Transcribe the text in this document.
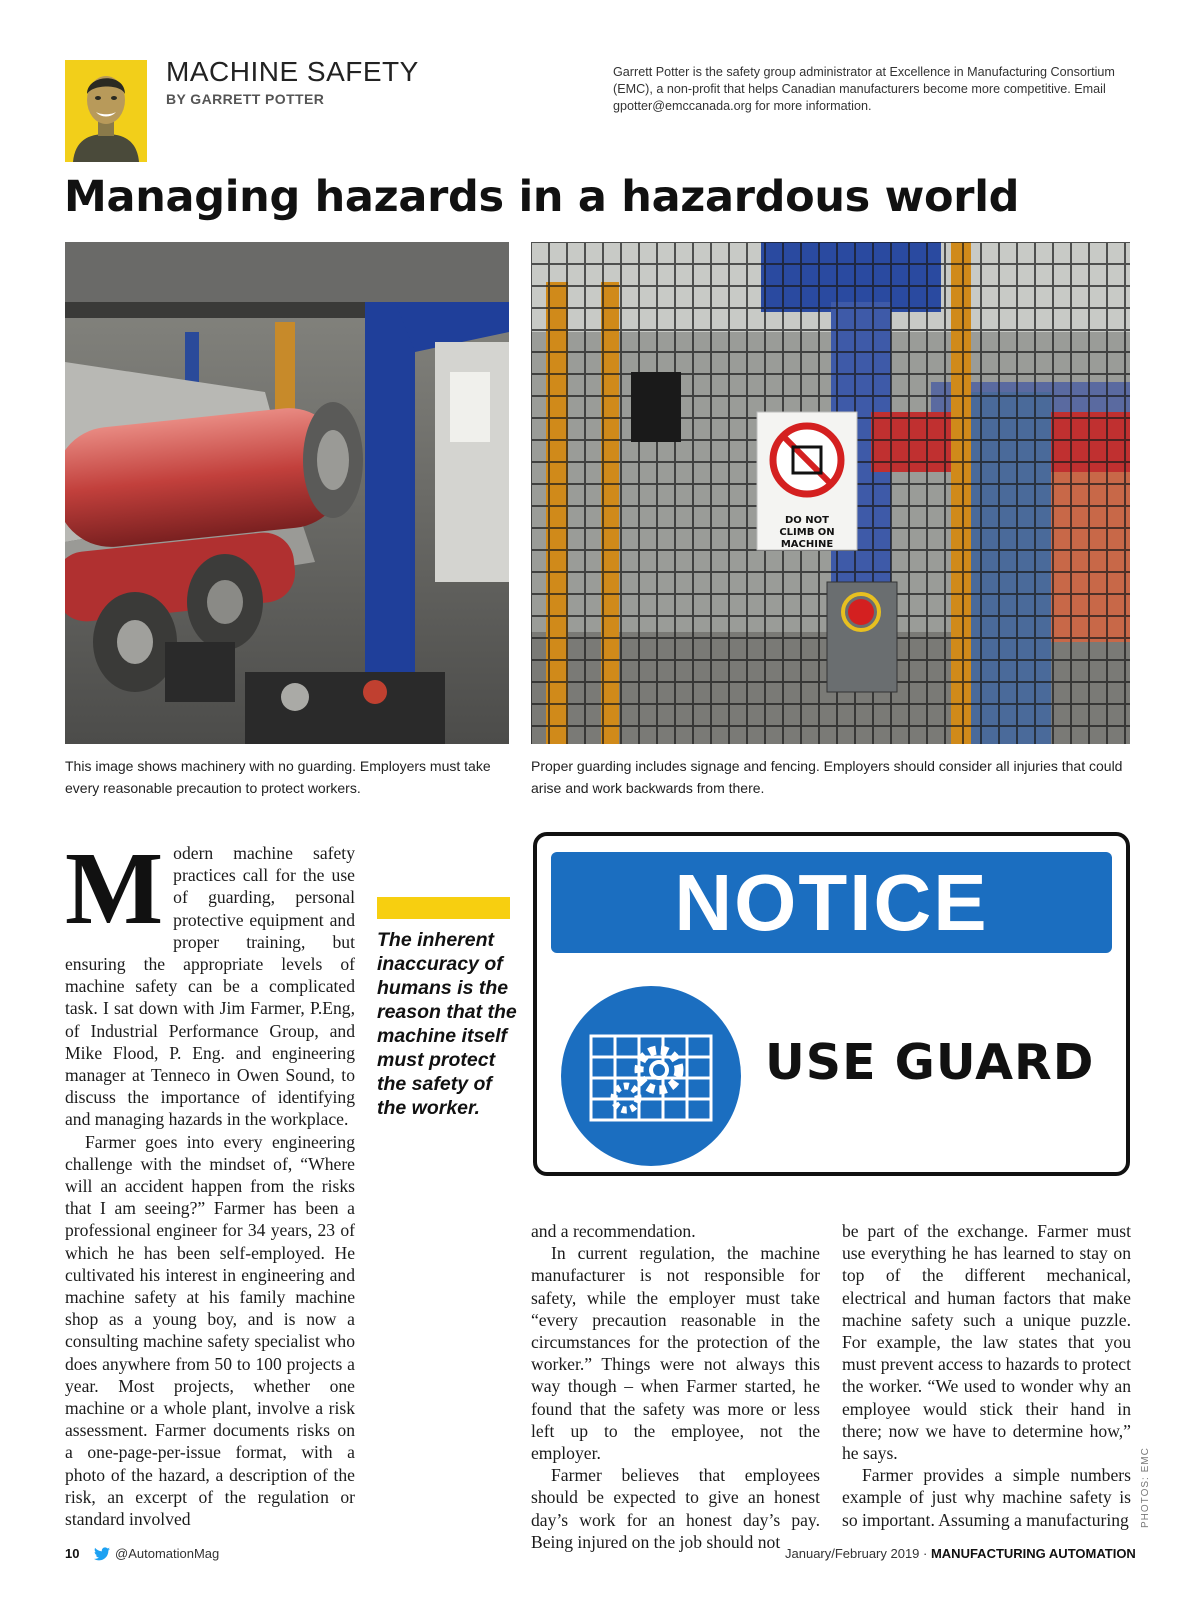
MACHINE SAFETY
BY GARRETT POTTER
Garrett Potter is the safety group administrator at Excellence in Manufacturing Consortium (EMC), a non-profit that helps Canadian manufacturers become more competitive. Email gpotter@emccanada.org for more information.
Managing hazards in a hazardous world
DO NOT
CLIMB ON
MACHINE
This image shows machinery with no guarding. Employers must take every reasonable precaution to protect workers.
Proper guarding includes signage and fencing. Employers should consider all injuries that could arise and work backwards from there.
M odern machine safety practices call for the use of guarding, personal protective equipment and proper training, but ensuring the appropriate levels of machine safety can be a complicated task. I sat down with Jim Farmer, P.Eng, of Industrial Performance Group, and Mike Flood, P. Eng. and engineering manager at Tenneco in Owen Sound, to discuss the importance of identifying and managing hazards in the workplace.

Farmer goes into every engineering challenge with the mindset of, “Where will an accident happen from the risks that I am seeing?” Farmer has been a professional engineer for 34 years, 23 of which he has been self-employed. He cultivated his interest in engineering and machine safety at his family machine shop as a young boy, and is now a consulting machine safety specialist who does anywhere from 50 to 100 projects a year. Most projects, whether one machine or a whole plant, involve a risk assessment. Farmer documents risks on a one-page-per-issue format, with a photo of the hazard, a description of the risk, an excerpt of the regulation or standard involved

The inherent inaccuracy of humans is the reason that the machine itself must protect the safety of the worker.
NOTICE
USE GUARD

and a recommendation.

In current regulation, the machine manufacturer is not responsible for safety, while the employer must take “every precaution reasonable in the circumstances for the protection of the worker.” Things were not always this way though – when Farmer started, he found that the safety was more or less left up to the employee, not the employer.

Farmer believes that employees should be expected to give an honest day’s work for an honest day’s pay. Being injured on the job should not

be part of the exchange. Farmer must use everything he has learned to stay on top of the different mechanical, electrical and human factors that make machine safety such a unique puzzle. For example, the law states that you must prevent access to hazards to protect the worker. “We used to wonder why an employee would stick their hand in there; now we have to determine how,” he says.

Farmer provides a simple numbers example of just why machine safety is so important. Assuming a manufacturing PHOTOS: EMC
10	@AutomationMag	January/February 2019 · MANUFACTURING AUTOMATION
